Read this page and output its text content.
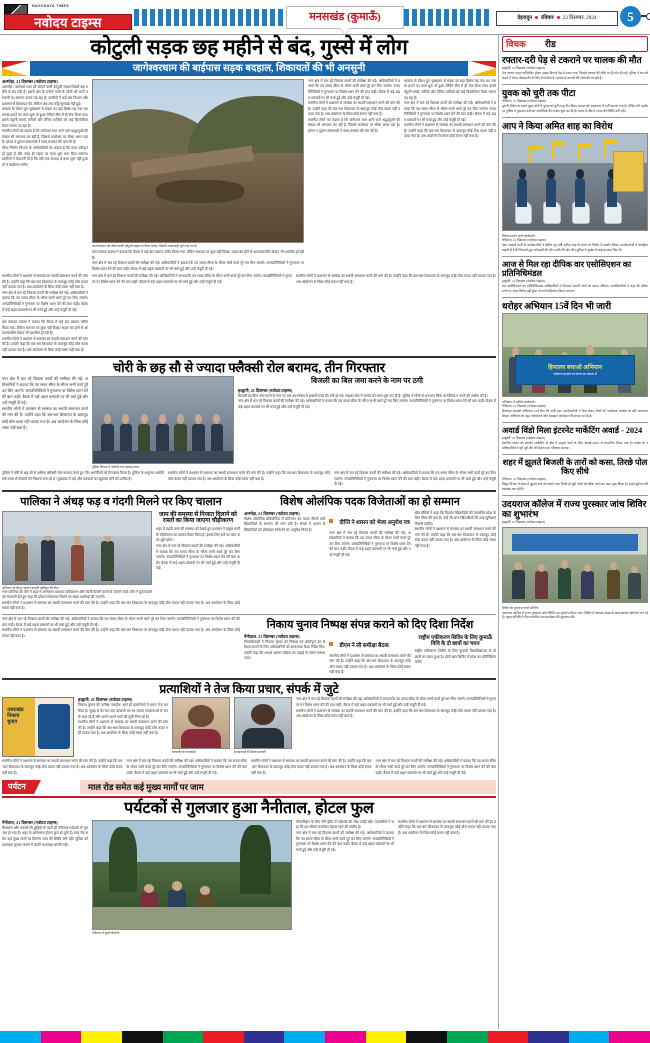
NAVODAYA TIMES
नवोदय टाइम्स	मनसखंड (कुमाऊँ)	देहरादून रविवार 22 दिसम्बर, 2024	5
कोटुली सड़क छह महीने से बंद, गुस्से में लोग
जागेश्वरधाम की बाईपास सड़क बदहाल, शिकायतों की भी अनसुनी
अल्मोड़ा, 21 दिसम्बर (नवोदय टाइम्स)
अल्मोड़ा। जागेश्वर धाम को जोड़ने वाली कोटुली सड़क पिछले छह महीने से बंद पड़ी है। इससे क्षेत्र के दर्जनों गांवों के लोगों को भारी परेशानी का सामना करना पड़ रहा है। ग्रामीणों ने कई बार विभाग और प्रशासन से शिकायत की, लेकिन अब तक कोई सुनवाई नहीं हुई।
बरसात के दौरान हुए भूस्खलन से सड़क का बड़ा हिस्सा बह गया था। मलबा हटाने का काम शुरू तो हुआ लेकिन बीच में ही रोक दिया गया। इससे स्कूली बच्चों, मरीजों और दैनिक यात्रियों को कई किलोमीटर पैदल चलना पड़ रहा है।
स्थानीय लोगों का कहना है कि जागेश्वर धाम आने वाले श्रद्धालुओं की संख्या भी लगातार घट रही है, जिससे कारोबार पर सीधा असर पड़ा है। होटल व दुकान संचालकों ने जल्द मरम्मत की मांग की है।
लोक निर्माण विभाग के अधिकारियों का कहना है कि बजट स्वीकृत हो चुका है और जल्द ही सड़क पर काम शुरू करा दिया जाएगा। ग्रामीणों ने चेतावनी दी है कि यदि एक सप्ताह में काम शुरू नहीं हुआ तो वे आंदोलन करेंगे।
जागेश्वरधाम को जोड़ने वाली कोटुली सड़क पर फैला मलबा, जिससे आवाजाही पूरी तरह ठप है।
क्षेत्र पंचायत सदस्य ने बताया कि बैठक में कई बार प्रस्ताव पारित किया गया, लेकिन धरातल पर कुछ नहीं दिखा। सड़क बंद होने से आपातकालीन सेवाएं भी प्रभावित हो रही हैं।
नगर क्षेत्र में चल रहे विकास कार्यों की समीक्षा की गई। अधिकारियों ने बताया कि तय समय सीमा के भीतर सभी कार्य पूरे कर लिए जाएंगे। जनप्रतिनिधियों ने गुणवत्ता पर विशेष ध्यान देने की बात कही। बैठक में कई अहम प्रस्तावों पर भी चर्चा हुई और उन्हें मंजूरी दी गई।
नगर क्षेत्र में चल रहे विकास कार्यों की समीक्षा की गई। अधिकारियों ने बताया कि तय समय सीमा के भीतर सभी कार्य पूरे कर लिए जाएंगे। जनप्रतिनिधियों ने गुणवत्ता पर विशेष ध्यान देने की बात कही। बैठक में कई अहम प्रस्तावों पर भी चर्चा हुई और उन्हें मंजूरी दी गई।
स्थानीय लोगों ने प्रशासन से समस्या का स्थायी समाधान करने की मांग की है। उन्होंने कहा कि बार-बार शिकायत के बावजूद कोई ठोस कदम नहीं उठाया गया है। अब आंदोलन के सिवा कोई रास्ता नहीं बचा है।
स्थानीय लोगों का कहना है कि जागेश्वर धाम आने वाले श्रद्धालुओं की संख्या भी लगातार घट रही है, जिससे कारोबार पर सीधा असर पड़ा है। होटल व दुकान संचालकों ने जल्द मरम्मत की मांग की है।
बरसात के दौरान हुए भूस्खलन से सड़क का बड़ा हिस्सा बह गया था। मलबा हटाने का काम शुरू तो हुआ लेकिन बीच में ही रोक दिया गया। इससे स्कूली बच्चों, मरीजों और दैनिक यात्रियों को कई किलोमीटर पैदल चलना पड़ रहा है।
नगर क्षेत्र में चल रहे विकास कार्यों की समीक्षा की गई। अधिकारियों ने बताया कि तय समय सीमा के भीतर सभी कार्य पूरे कर लिए जाएंगे। जनप्रतिनिधियों ने गुणवत्ता पर विशेष ध्यान देने की बात कही। बैठक में कई अहम प्रस्तावों पर भी चर्चा हुई और उन्हें मंजूरी दी गई।
स्थानीय लोगों ने प्रशासन से समस्या का स्थायी समाधान करने की मांग की है। उन्होंने कहा कि बार-बार शिकायत के बावजूद कोई ठोस कदम नहीं उठाया गया है। अब आंदोलन के सिवा कोई रास्ता नहीं बचा है।
स्थानीय लोगों ने प्रशासन से समस्या का स्थायी समाधान करने की मांग की है। उन्होंने कहा कि बार-बार शिकायत के बावजूद कोई ठोस कदम नहीं उठाया गया है। अब आंदोलन के सिवा कोई रास्ता नहीं बचा है।
नगर क्षेत्र में चल रहे विकास कार्यों की समीक्षा की गई। अधिकारियों ने बताया कि तय समय सीमा के भीतर सभी कार्य पूरे कर लिए जाएंगे। जनप्रतिनिधियों ने गुणवत्ता पर विशेष ध्यान देने की बात कही। बैठक में कई अहम प्रस्तावों पर भी चर्चा हुई और उन्हें मंजूरी दी गई।
क्षेत्र पंचायत सदस्य ने बताया कि बैठक में कई बार प्रस्ताव पारित किया गया, लेकिन धरातल पर कुछ नहीं दिखा। सड़क बंद होने से आपातकालीन सेवाएं भी प्रभावित हो रही हैं।
स्थानीय लोगों ने प्रशासन से समस्या का स्थायी समाधान करने की मांग की है। उन्होंने कहा कि बार-बार शिकायत के बावजूद कोई ठोस कदम नहीं उठाया गया है। अब आंदोलन के सिवा कोई रास्ता नहीं बचा है।
नगर क्षेत्र में चल रहे विकास कार्यों की समीक्षा की गई। अधिकारियों ने बताया कि तय समय सीमा के भीतर सभी कार्य पूरे कर लिए जाएंगे। जनप्रतिनिधियों ने गुणवत्ता पर विशेष ध्यान देने की बात कही। बैठक में कई अहम प्रस्तावों पर भी चर्चा हुई और उन्हें मंजूरी दी गई।
स्थानीय लोगों ने प्रशासन से समस्या का स्थायी समाधान करने की मांग की है। उन्होंने कहा कि बार-बार शिकायत के बावजूद कोई ठोस कदम नहीं उठाया गया है। अब आंदोलन के सिवा कोई रास्ता नहीं बचा है।
चोरी के छह सौ से ज्यादा फ्लैक्सी रोल बरामद, तीन गिरफ्तार
नगर क्षेत्र में चल रहे विकास कार्यों की समीक्षा की गई। अधिकारियों ने बताया कि तय समय सीमा के भीतर सभी कार्य पूरे कर लिए जाएंगे। जनप्रतिनिधियों ने गुणवत्ता पर विशेष ध्यान देने की बात कही। बैठक में कई अहम प्रस्तावों पर भी चर्चा हुई और उन्हें मंजूरी दी गई।
स्थानीय लोगों ने प्रशासन से समस्या का स्थायी समाधान करने की मांग की है। उन्होंने कहा कि बार-बार शिकायत के बावजूद कोई ठोस कदम नहीं उठाया गया है। अब आंदोलन के सिवा कोई रास्ता नहीं बचा है।
पुलिस गिरफ्त में आरोपी तथा बरामद माल।
बिजली का बिल जमा करने के नाम पर ठगी
हल्द्वानी, 21 दिसम्बर (नवोदय टाइम्स)
बिजली का बिल जमा करने के नाम पर एक उपभोक्ता से हजारों रुपये की ठगी हो गई। साइबर सेल ने मामले की जांच शुरू कर दी है। पुलिस ने लोगों से अनजान लिंक पर क्लिक न करने की अपील की है।
नगर क्षेत्र में चल रहे विकास कार्यों की समीक्षा की गई। अधिकारियों ने बताया कि तय समय सीमा के भीतर सभी कार्य पूरे कर लिए जाएंगे। जनप्रतिनिधियों ने गुणवत्ता पर विशेष ध्यान देने की बात कही। बैठक में कई अहम प्रस्तावों पर भी चर्चा हुई और उन्हें मंजूरी दी गई।
पुलिस ने चोरी के छह सौ से अधिक फ्लैक्सी रोल बरामद करते हुए तीन आरोपियों को गिरफ्तार किया है। पुलिस के अनुसार आरोपी लंबे समय से गोदामों को निशाना बना रहे थे। पूछताछ में कई और वारदातों का खुलासा होने की उम्मीद है।
स्थानीय लोगों ने प्रशासन से समस्या का स्थायी समाधान करने की मांग की है। उन्होंने कहा कि बार-बार शिकायत के बावजूद कोई ठोस कदम नहीं उठाया गया है। अब आंदोलन के सिवा कोई रास्ता नहीं बचा है।
नगर क्षेत्र में चल रहे विकास कार्यों की समीक्षा की गई। अधिकारियों ने बताया कि तय समय सीमा के भीतर सभी कार्य पूरे कर लिए जाएंगे। जनप्रतिनिधियों ने गुणवत्ता पर विशेष ध्यान देने की बात कही। बैठक में कई अहम प्रस्तावों पर भी चर्चा हुई और उन्हें मंजूरी दी गई।
पालिका ने अंधड़ फड़ व गंदगी मिलने पर किए चालान
अभियान के दौरान चालान काटती पालिका की टीम।
नगर पालिका की टीम ने शहर में अभियान चलाकर अतिक्रमण और गंदगी फैलाने वालों के चालान काटे। टीम ने दुकानदारों को चेतावनी देते हुए कहा कि दोबारा शिकायत मिलने पर सख्त कार्रवाई की जाएगी।
जाम की समस्या से निजात दिलाने को रास्तों का किया जाएगा चौड़ीकरण
शहर में बढ़ती जाम की समस्या को देखते हुए प्रशासन ने प्रमुख मार्गों के चौड़ीकरण का प्रस्ताव तैयार किया है। इसके लिए सर्वे का काम जल्द शुरू होगा।
नगर क्षेत्र में चल रहे विकास कार्यों की समीक्षा की गई। अधिकारियों ने बताया कि तय समय सीमा के भीतर सभी कार्य पूरे कर लिए जाएंगे। जनप्रतिनिधियों ने गुणवत्ता पर विशेष ध्यान देने की बात कही। बैठक में कई अहम प्रस्तावों पर भी चर्चा हुई और उन्हें मंजूरी दी गई।
स्थानीय लोगों ने प्रशासन से समस्या का स्थायी समाधान करने की मांग की है। उन्होंने कहा कि बार-बार शिकायत के बावजूद कोई ठोस कदम नहीं उठाया गया है। अब आंदोलन के सिवा कोई रास्ता नहीं बचा है।
विशेष ओलंपिक पदक विजेताओं का हो सम्मान
अल्मोड़ा, 21 दिसम्बर (नवोदय टाइम्स)
विशेष ओलंपिक प्रतियोगिता में प्रतिभाग कर पदक जीतने वाले खिलाड़ियों के सम्मान की मांग उठी है। संस्था ने शासन से खिलाड़ियों को प्रोत्साहन राशि देने का अनुरोध किया है।
दीप्ति ने शासन को भेजा अनुरोध पत्र
नगर क्षेत्र में चल रहे विकास कार्यों की समीक्षा की गई। अधिकारियों ने बताया कि तय समय सीमा के भीतर सभी कार्य पूरे कर लिए जाएंगे। जनप्रतिनिधियों ने गुणवत्ता पर विशेष ध्यान देने की बात कही। बैठक में कई अहम प्रस्तावों पर भी चर्चा हुई और उन्हें मंजूरी दी गई।
खेल प्रेमियों ने कहा कि दिव्यांग खिलाड़ियों की उपलब्धि प्रदेश के लिए गौरव की बात है। उन्हें भी अन्य खिलाड़ियों की तरह सुविधाएं मिलनी चाहिए।
स्थानीय लोगों ने प्रशासन से समस्या का स्थायी समाधान करने की मांग की है। उन्होंने कहा कि बार-बार शिकायत के बावजूद कोई ठोस कदम नहीं उठाया गया है। अब आंदोलन के सिवा कोई रास्ता नहीं बचा है।
नगर क्षेत्र में चल रहे विकास कार्यों की समीक्षा की गई। अधिकारियों ने बताया कि तय समय सीमा के भीतर सभी कार्य पूरे कर लिए जाएंगे। जनप्रतिनिधियों ने गुणवत्ता पर विशेष ध्यान देने की बात कही। बैठक में कई अहम प्रस्तावों पर भी चर्चा हुई और उन्हें मंजूरी दी गई।
स्थानीय लोगों ने प्रशासन से समस्या का स्थायी समाधान करने की मांग की है। उन्होंने कहा कि बार-बार शिकायत के बावजूद कोई ठोस कदम नहीं उठाया गया है। अब आंदोलन के सिवा कोई रास्ता नहीं बचा है।
निकाय चुनाव निष्पक्ष संपन्न कराने को दिए दिशा निर्देश
नैनीताल, 21 दिसम्बर (नवोदय टाइम्स)
जिलाधिकारी ने निकाय चुनाव को निष्पक्ष एवं शांतिपूर्ण ढंग से संपन्न कराने के लिए अधिकारियों को आवश्यक दिशा निर्देश दिए। उन्होंने कहा कि आदर्श आचार संहिता का कड़ाई से पालन कराया जाए।
डीएम ने ली समीक्षा बैठक
स्थानीय लोगों ने प्रशासन से समस्या का स्थायी समाधान करने की मांग की है। उन्होंने कहा कि बार-बार शिकायत के बावजूद कोई ठोस कदम नहीं उठाया गया है। अब आंदोलन के सिवा कोई रास्ता नहीं बचा है।
राष्ट्रीय एकीकरण शिविर के लिए कुमाऊँ विवि के दो छात्रों का चयन
राष्ट्रीय एकीकरण शिविर के लिए कुमाऊँ विश्वविद्यालय के दो छात्रों का चयन हुआ है। दोनों छात्र शिविर में प्रदेश का प्रतिनिधित्व करेंगे।
प्रत्याशियों ने तेज किया प्रचार, संपर्क में जुटे
उत्तराखंड
निकाय
चुनाव
हल्द्वानी, 21 दिसम्बर (नवोदय टाइम्स)
निकाय चुनाव की तारीख नजदीक आते ही प्रत्याशियों ने प्रचार तेज कर दिया है। सुबह से देर रात तक प्रत्याशी घर-घर जाकर मतदाताओं से संपर्क साध रहे हैं और अपने-अपने वादों की सूची गिना रहे हैं।
स्थानीय लोगों ने प्रशासन से समस्या का स्थायी समाधान करने की मांग की है। उन्होंने कहा कि बार-बार शिकायत के बावजूद कोई ठोस कदम नहीं उठाया गया है। अब आंदोलन के सिवा कोई रास्ता नहीं बचा है।
प्रत्याशी का जनसंपर्क	मतदाताओं से मिलते प्रत्याशी
नगर क्षेत्र में चल रहे विकास कार्यों की समीक्षा की गई। अधिकारियों ने बताया कि तय समय सीमा के भीतर सभी कार्य पूरे कर लिए जाएंगे। जनप्रतिनिधियों ने गुणवत्ता पर विशेष ध्यान देने की बात कही। बैठक में कई अहम प्रस्तावों पर भी चर्चा हुई और उन्हें मंजूरी दी गई।
स्थानीय लोगों ने प्रशासन से समस्या का स्थायी समाधान करने की मांग की है। उन्होंने कहा कि बार-बार शिकायत के बावजूद कोई ठोस कदम नहीं उठाया गया है। अब आंदोलन के सिवा कोई रास्ता नहीं बचा है।
स्थानीय लोगों ने प्रशासन से समस्या का स्थायी समाधान करने की मांग की है। उन्होंने कहा कि बार-बार शिकायत के बावजूद कोई ठोस कदम नहीं उठाया गया है। अब आंदोलन के सिवा कोई रास्ता नहीं बचा है।
नगर क्षेत्र में चल रहे विकास कार्यों की समीक्षा की गई। अधिकारियों ने बताया कि तय समय सीमा के भीतर सभी कार्य पूरे कर लिए जाएंगे। जनप्रतिनिधियों ने गुणवत्ता पर विशेष ध्यान देने की बात कही। बैठक में कई अहम प्रस्तावों पर भी चर्चा हुई और उन्हें मंजूरी दी गई।
स्थानीय लोगों ने प्रशासन से समस्या का स्थायी समाधान करने की मांग की है। उन्होंने कहा कि बार-बार शिकायत के बावजूद कोई ठोस कदम नहीं उठाया गया है। अब आंदोलन के सिवा कोई रास्ता नहीं बचा है।
नगर क्षेत्र में चल रहे विकास कार्यों की समीक्षा की गई। अधिकारियों ने बताया कि तय समय सीमा के भीतर सभी कार्य पूरे कर लिए जाएंगे। जनप्रतिनिधियों ने गुणवत्ता पर विशेष ध्यान देने की बात कही। बैठक में कई अहम प्रस्तावों पर भी चर्चा हुई और उन्हें मंजूरी दी गई।
पर्यटन	माल रोड समेत कई मुख्य मार्गों पर जाम
पर्यटकों से गुलजार हुआ नैनीताल, होटल फुल
नैनीताल, 21 दिसम्बर (नवोदय टाइम्स)
क्रिसमस और नववर्ष की छुट्टियों से पहले ही नैनीताल पर्यटकों से गुलजार हो गया है। शहर के अधिकांश होटल फुल हो चुके हैं। माल रोड समेत कई मुख्य मार्गों पर दिनभर जाम की स्थिति बनी रही। पुलिस को यातायात सुचारु कराने में काफी मशक्कत करनी पड़ी।
नैनीताल में घूमते सैलानी।
नौकाविहार के लिए नैनी झील में पर्यटकों की भीड़ उमड़ी रही। व्यापारियों ने कहा कि इस सीजन कारोबार बेहतर रहने की उम्मीद है।
नगर क्षेत्र में चल रहे विकास कार्यों की समीक्षा की गई। अधिकारियों ने बताया कि तय समय सीमा के भीतर सभी कार्य पूरे कर लिए जाएंगे। जनप्रतिनिधियों ने गुणवत्ता पर विशेष ध्यान देने की बात कही। बैठक में कई अहम प्रस्तावों पर भी चर्चा हुई और उन्हें मंजूरी दी गई।
स्थानीय लोगों ने प्रशासन से समस्या का स्थायी समाधान करने की मांग की है। उन्होंने कहा कि बार-बार शिकायत के बावजूद कोई ठोस कदम नहीं उठाया गया है। अब आंदोलन के सिवा कोई रास्ता नहीं बचा है।
विचक रीड
रफ्तार-दरी पेड़ से टकराने पर चालक की मौत
हल्द्वानी, 21 दिसम्बर (नवोदय टाइम्स)
तेज रफ्तार वाहन अनियंत्रित होकर सड़क किनारे पेड़ से टकरा गया, जिससे चालक की मौके पर ही मौत हो गई। पुलिस ने शव को कब्जे में लेकर पोस्टमार्टम के लिए भेज दिया है। हादसे के कारणों की जांच की जा रही है।
युवक को चुरी तक पीटा
नैनीताल, 21 दिसम्बर (नवोदय टाइम्स)
पुरानी रंजिश के चलते कुछ लोगों ने युवक को बुरी तरह पीट दिया। घायल को अस्पताल में भर्ती कराया गया है। पीड़ित की तहरीर पर पुलिस ने मुकदमा दर्ज कर आरोपियों की तलाश शुरू कर दी है। घटना से क्षेत्र में तनाव की स्थिति बनी रही।
आप ने किया अमित शाह का विरोध
विरोध प्रदर्शन करते कार्यकर्ता।
नैनीताल, 21 दिसम्बर (नवोदय टाइम्स)
आम आदमी पार्टी के कार्यकर्ताओं ने केंद्रीय गृह मंत्री अमित शाह के बयान के विरोध में प्रदर्शन किया। कार्यकर्ताओं ने दोपहिया वाहनों से रैली निकालते हुए नारेबाजी की और माफी की मांग की। पुलिस ने सुरक्षा के कड़े इंतजाम किए थे।
आज से मिल रहा दीपिक वार एसोसिएशन का प्रतिनिधिमंडल
हल्द्वानी, 21 दिसम्बर (नवोदय टाइम्स)
बार एसोसिएशन का प्रतिनिधिमंडल अधिकारियों से मिलकर अपनी मांगों का ज्ञापन सौंपेगा। पदाधिकारियों ने कहा कि लंबित मांगों पर जल्द निर्णय नहीं हुआ तो कार्य बहिष्कार किया जाएगा।
धरोहर अभियान 15वें दिन भी जारी
हिमालय बचाओ अभियान
पर्यावरण संरक्षण एवं पोषण का संकल्प लें
अभियान में शामिल कार्यकर्ता।
नैनीताल, 21 दिसम्बर (नवोदय टाइम्स)
हिमालय बचाओ अभियान 15वें दिन भी जारी रहा। कार्यकर्ताओं ने बैनर लेकर लोगों को पर्यावरण संरक्षण के प्रति जागरूक किया। अभियान के तहत पौधरोपण और स्वच्छता कार्यक्रम भी चलाए जा रहे हैं।
अवार्ड विंडो मिला इंटरनेट मार्केटिंग अवार्ड - 2024
हल्द्वानी, 21 दिसम्बर (नवोदय टाइम्स)
स्थानीय संस्था को इंटरनेट मार्केटिंग के क्षेत्र में उत्कृष्ट कार्य के लिए अवार्ड-2024 से सम्मानित किया गया है। संस्था के पदाधिकारियों ने इसे पूरी टीम की मेहनत का परिणाम बताया।
शहर में झूलते बिजली के तारों को कसा, तिरछे पोल किए सीधे
नैनीताल, 21 दिसम्बर (नवोदय टाइम्स)
विद्युत विभाग ने शहर में झूलते तारों को कसने तथा तिरछे हो चुके पोलों को सीधा करने का काम शुरू किया है। इससे दुर्घटना की आशंका कम होगी।
उदयराज कॉलेज में राज्य पुरस्कार जांच शिविर का शुभारंभ
हल्द्वानी, 21 दिसम्बर (नवोदय टाइम्स)
शिविर का शुभारंभ करते अतिथि।
उदयराज कॉलेज में राज्य पुरस्कार जांच शिविर का शुभारंभ किया गया। शिविर में स्काउट-गाइड के छात्र-छात्राएं प्रतिभाग कर रहे हैं। मुख्य अतिथि ने दीप प्रज्वलित कर कार्यक्रम की शुरुआत की।
